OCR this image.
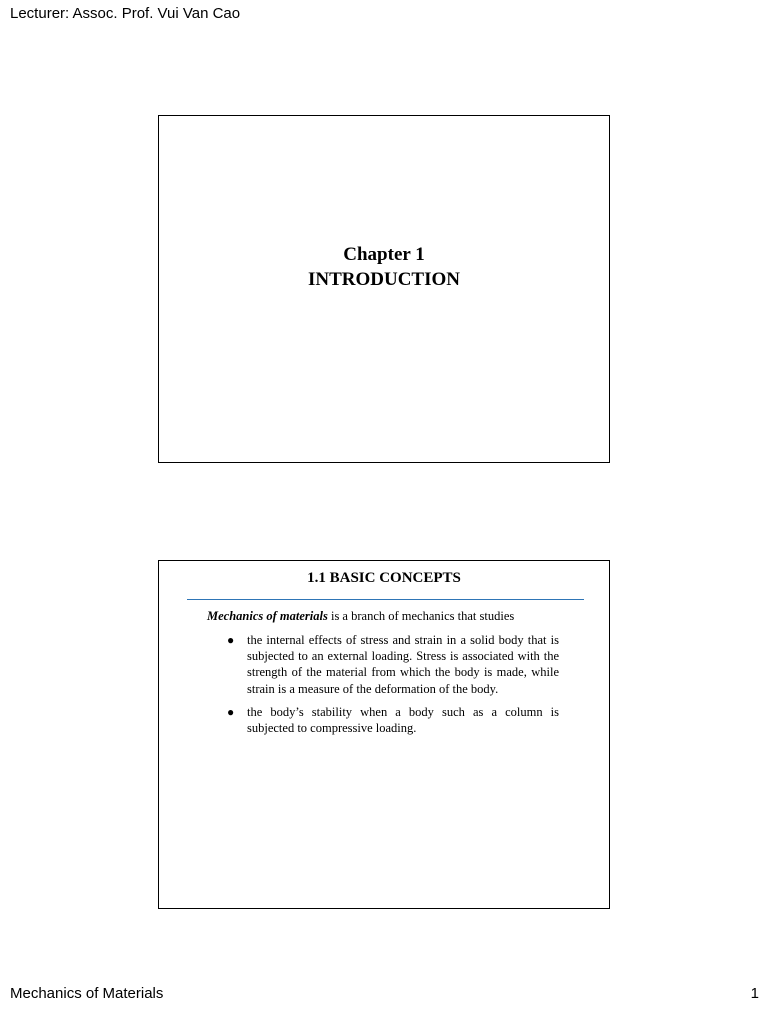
Lecturer: Assoc. Prof. Vui Van Cao
Chapter 1
INTRODUCTION
1.1 BASIC CONCEPTS
Mechanics of materials is a branch of mechanics that studies
● the internal effects of stress and strain in a solid body that is subjected to an external loading. Stress is associated with the strength of the material from which the body is made, while strain is a measure of the deformation of the body.
● the body’s stability when a body such as a column is subjected to compressive loading.
Mechanics of Materials	1
